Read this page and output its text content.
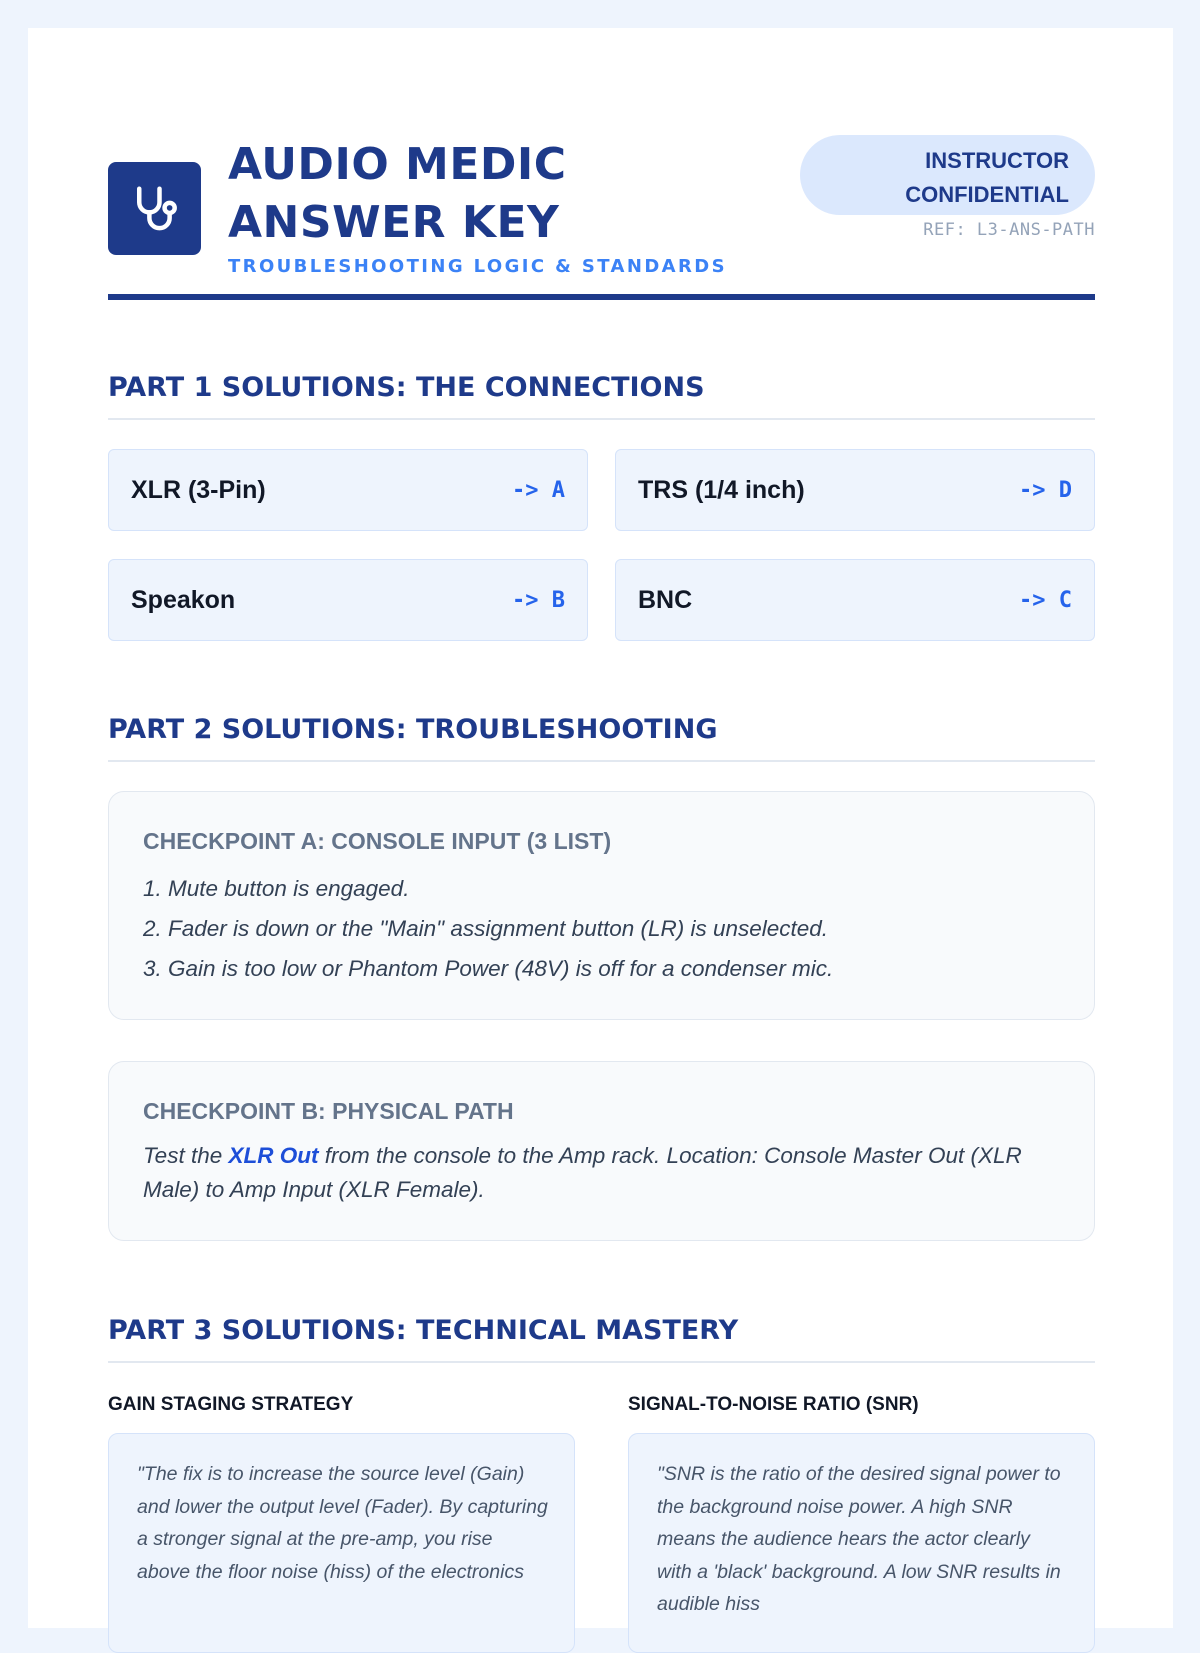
AUDIO MEDIC
ANSWER KEY
TROUBLESHOOTING LOGIC & STANDARDS
INSTRUCTOR
CONFIDENTIAL
REF: L3-ANS-PATH
PART 1 SOLUTIONS: THE CONNECTIONS
XLR (3-Pin)	-> A	TRS (1/4 inch)	-> D
Speakon	-> B	BNC	-> C
PART 2 SOLUTIONS: TROUBLESHOOTING
CHECKPOINT A: CONSOLE INPUT (3 LIST)
1. Mute button is engaged.
2. Fader is down or the "Main" assignment button (LR) is unselected.
3. Gain is too low or Phantom Power (48V) is off for a condenser mic.
CHECKPOINT B: PHYSICAL PATH
Test the XLR Out from the console to the Amp rack. Location: Console Master Out (XLR Male) to Amp Input (XLR Female).
PART 3 SOLUTIONS: TECHNICAL MASTERY
GAIN STAGING STRATEGY	SIGNAL-TO-NOISE RATIO (SNR)
"The fix is to increase the source level (Gain) and lower the output level (Fader). By capturing a stronger signal at the pre-amp, you rise above the floor noise (hiss) of the electronics
"SNR is the ratio of the desired signal power to the background noise power. A high SNR means the audience hears the actor clearly with a 'black' background. A low SNR results in audible hiss
